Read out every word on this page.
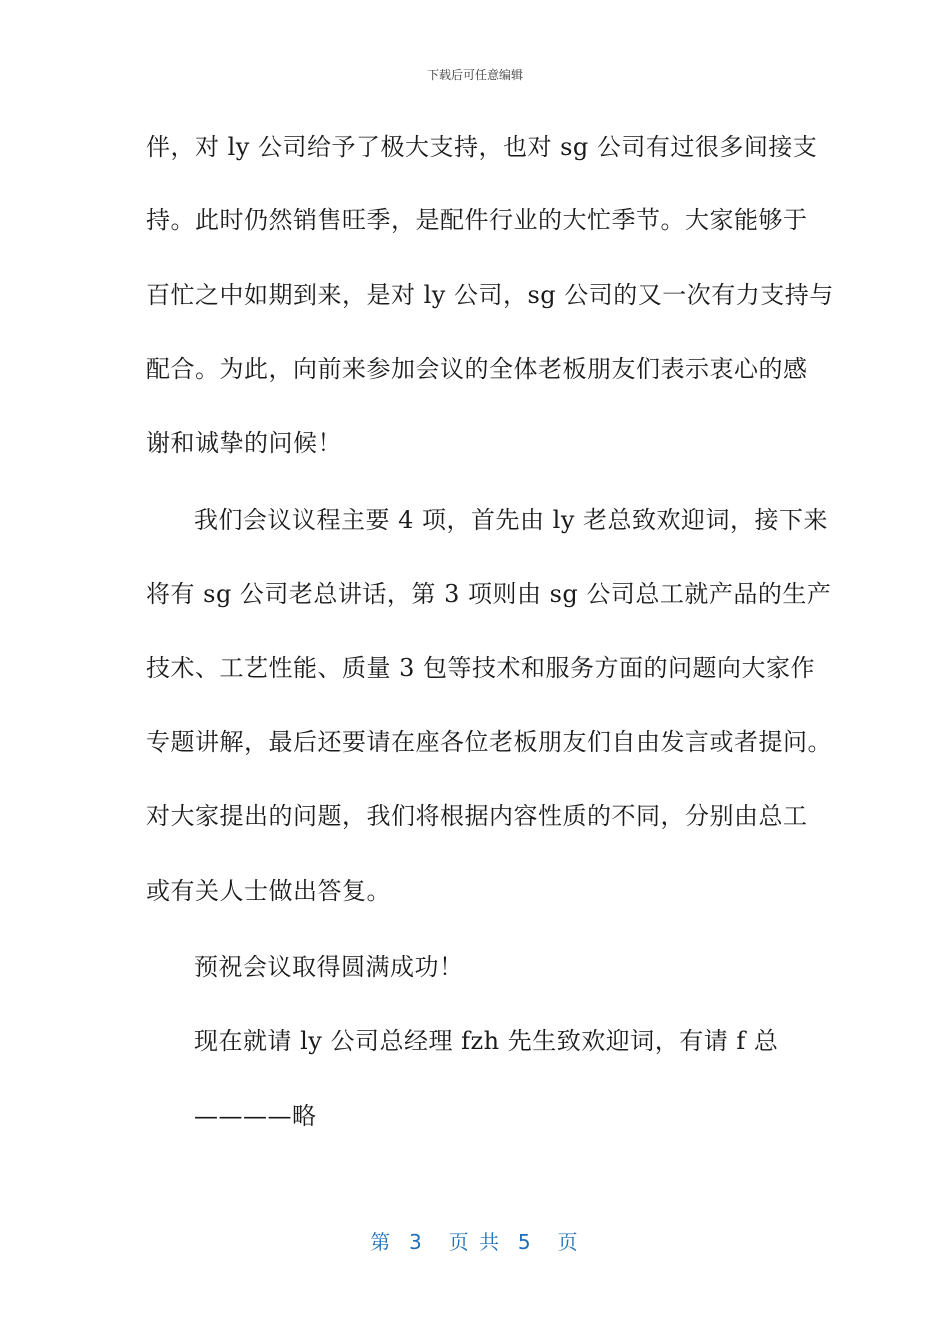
下载后可任意编辑
伴，对 ly 公司给予了极大支持，也对 sg 公司有过很多间接支
持。此时仍然销售旺季，是配件行业的大忙季节。大家能够于
百忙之中如期到来，是对 ly 公司，sg 公司的又一次有力支持与
配合。为此，向前来参加会议的全体老板朋友们表示衷心的感
谢和诚挚的问候！
我们会议议程主要 4 项，首先由 ly 老总致欢迎词，接下来
将有 sg 公司老总讲话，第 3 项则由 sg 公司总工就产品的生产
技术、工艺性能、质量 3 包等技术和服务方面的问题向大家作
专题讲解，最后还要请在座各位老板朋友们自由发言或者提问。
对大家提出的问题，我们将根据内容性质的不同，分别由总工
或有关人士做出答复。
预祝会议取得圆满成功！
现在就请 ly 公司总经理 fzh 先生致欢迎词，有请 f 总
————略
第  3   页 共  5   页
